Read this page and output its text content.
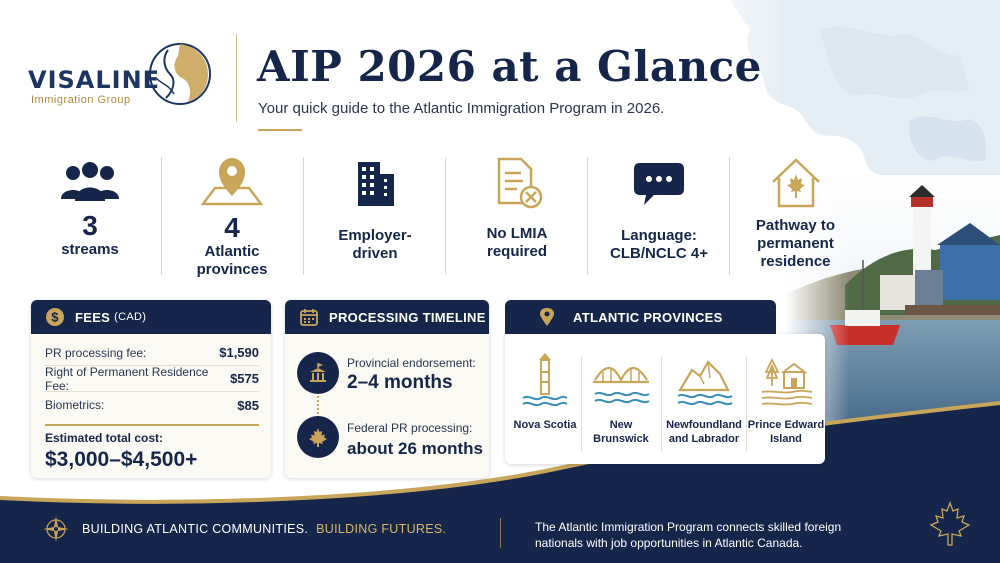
VISALINE
Immigration Group
AIP 2026 at a Glance
Your quick guide to the Atlantic Immigration Program in 2026.
3
streams
4
Atlantic provinces
Employer-driven
No LMIA required
Language: CLB/NCLC 4+
Pathway to permanent residence
$ FEES (CAD)
PR processing fee:	$1,590
Right of Permanent Residence Fee:	$575
Biometrics:	$85
Estimated total cost:
$3,000–$4,500+
PROCESSING TIMELINE
Provincial endorsement:
2–4 months
Federal PR processing:
about 26 months
ATLANTIC PROVINCES
Nova Scotia	New Brunswick
Newfoundland and Labrador
Prince Edward Island
BUILDING ATLANTIC COMMUNITIES. BUILDING FUTURES.	The Atlantic Immigration Program connects skilled foreign nationals with job opportunities in Atlantic Canada.
